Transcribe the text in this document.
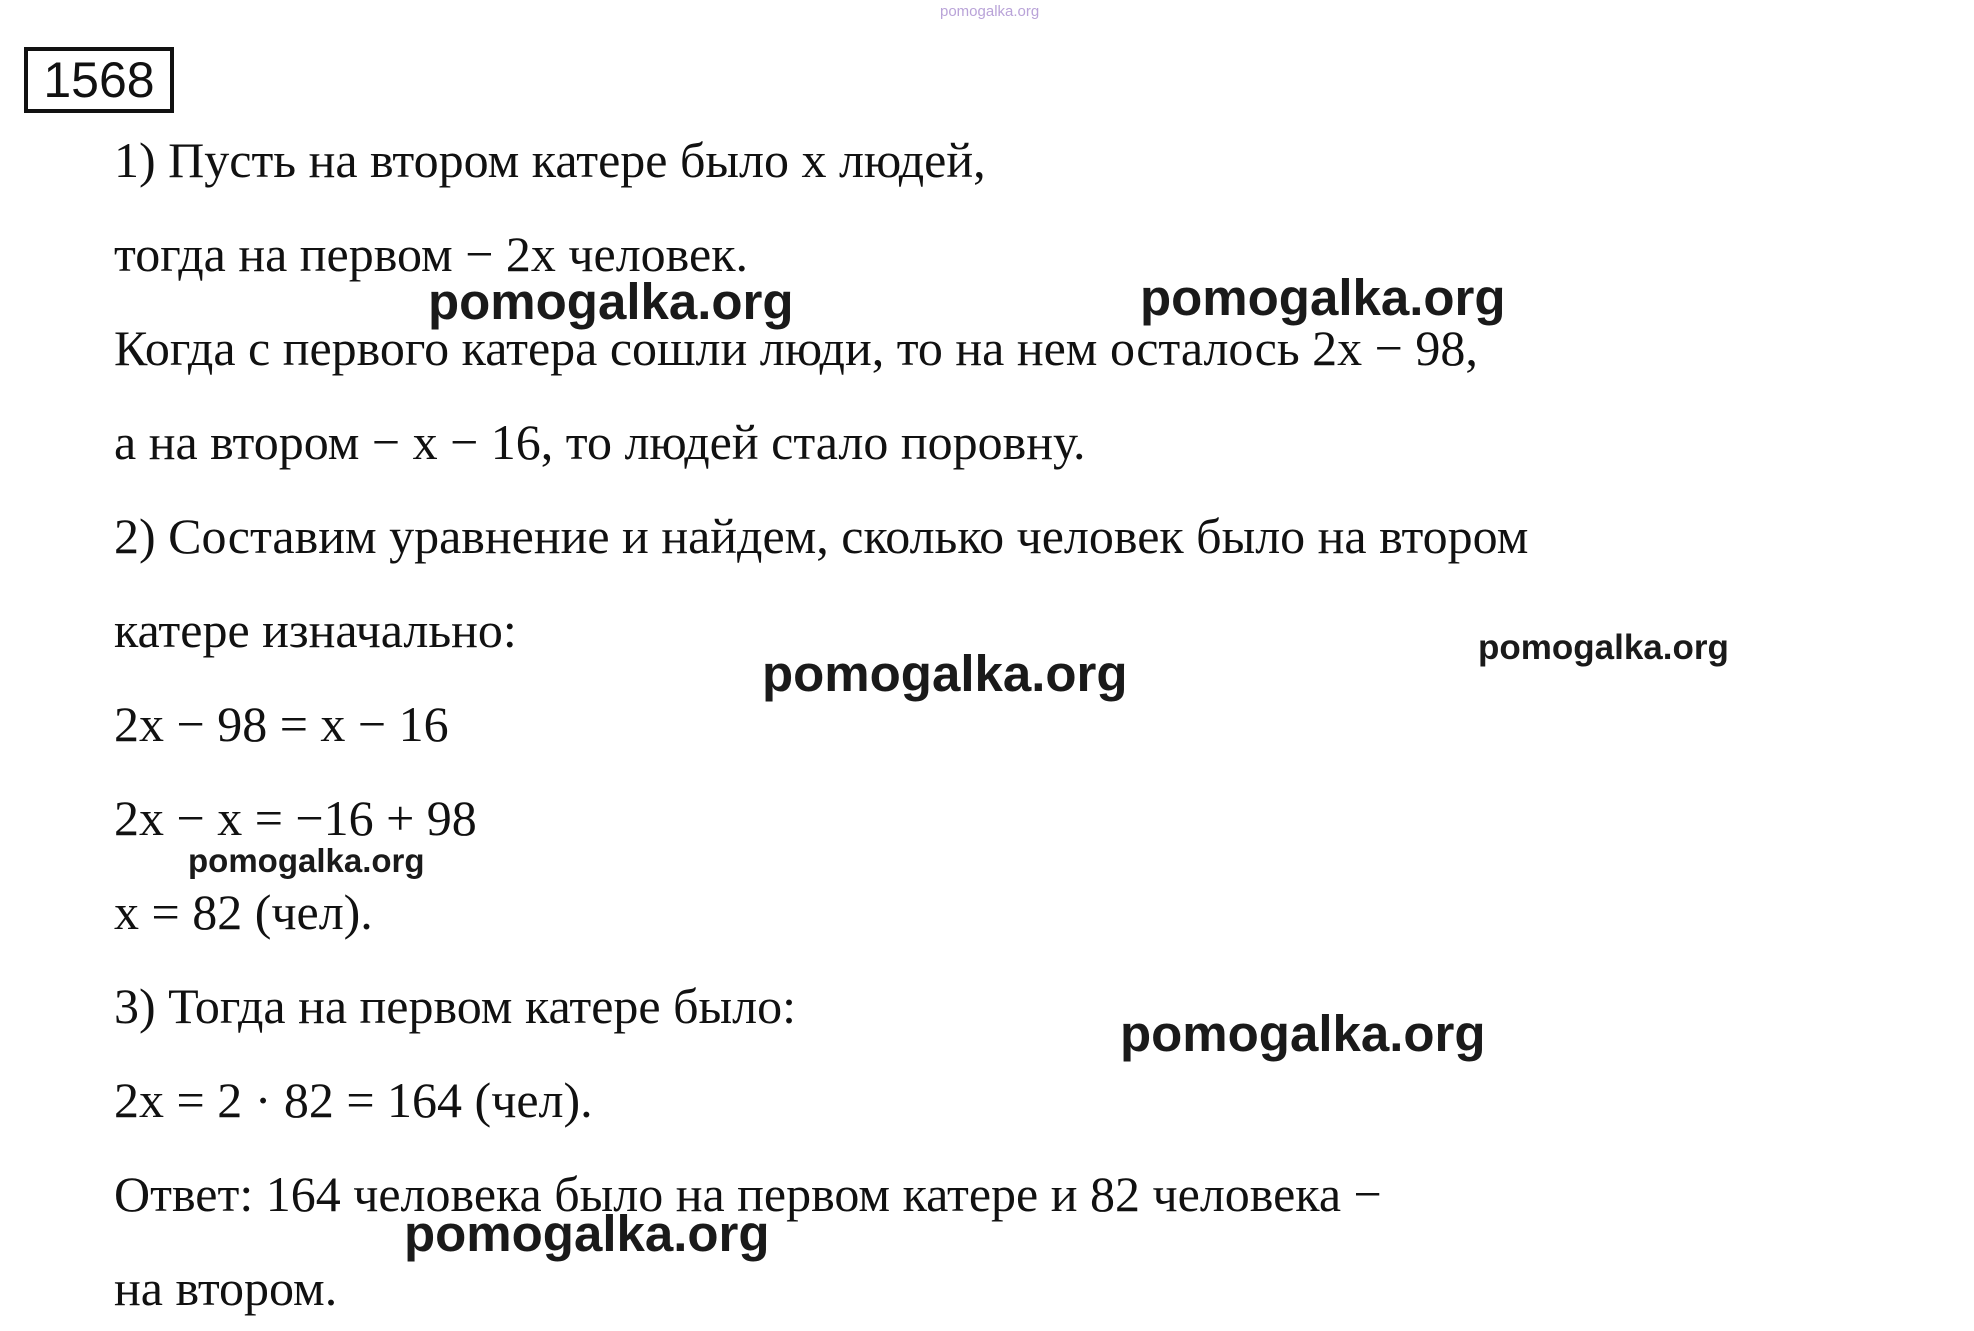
pomogalka.org
1568
1) Пусть на втором катере было x людей,
тогда на первом − 2x человек.
Когда с первого катера сошли люди, то на нем осталось 2x − 98,
а на втором − x − 16, то людей стало поровну.
2) Составим уравнение и найдем, сколько человек было на втором
катере изначально:
2x − 98 = x − 16
2x − x = −16 + 98
x = 82 (чел).
3) Тогда на первом катере было:
2x = 2 · 82 = 164 (чел).
Ответ: 164 человека было на первом катере и 82 человека −
на втором.
pomogalka.org	pomogalka.org
pomogalka.org
pomogalka.org
pomogalka.org
pomogalka.org
pomogalka.org
